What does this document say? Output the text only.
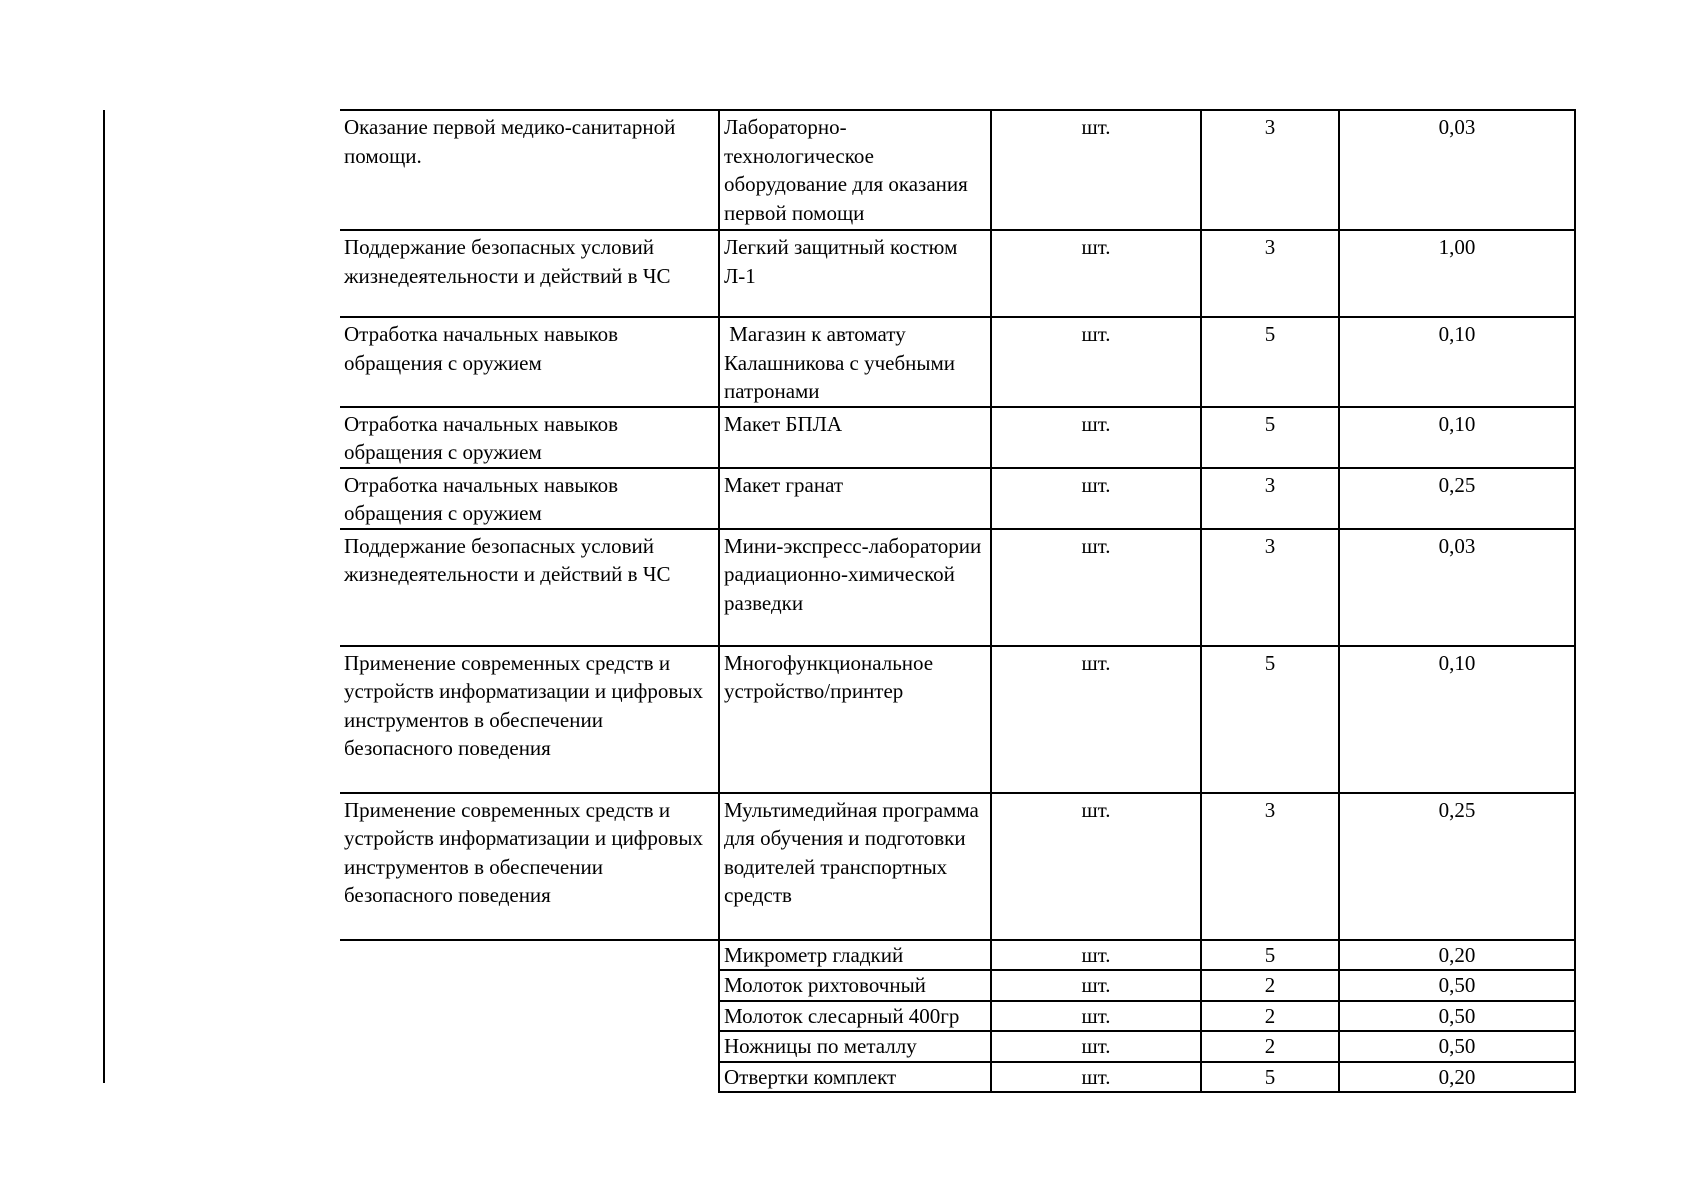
Оказание первой медико-санитарной помощи.	Лабораторно-технологическое оборудование для оказания первой помощи	шт.	3	0,03
Поддержание безопасных условий жизнедеятельности и действий в ЧС	Легкий защитный костюм Л-1	шт.	3	1,00
Отработка начальных навыков обращения с оружием	Магазин к автомату Калашникова с учебными патронами	шт.	5	0,10
Отработка начальных навыков обращения с оружием	Макет БПЛА	шт.	5	0,10
Отработка начальных навыков обращения с оружием	Макет гранат	шт.	3	0,25
Поддержание безопасных условий жизнедеятельности и действий в ЧС	Мини-экспресс-лаборатории радиационно-химической разведки	шт.	3	0,03
Применение современных средств и устройств информатизации и цифровых инструментов в обеспечении безопасного поведения	Многофункциональное устройство/принтер	шт.	5	0,10
Применение современных средств и устройств информатизации и цифровых инструментов в обеспечении безопасного поведения	Мультимедийная программа для обучения и подготовки водителей транспортных средств	шт.	3	0,25
	Микрометр гладкий	шт.	5	0,20
	Молоток рихтовочный	шт.	2	0,50
	Молоток слесарный 400гр	шт.	2	0,50
	Ножницы по металлу	шт.	2	0,50
	Отвертки комплект	шт.	5	0,20
